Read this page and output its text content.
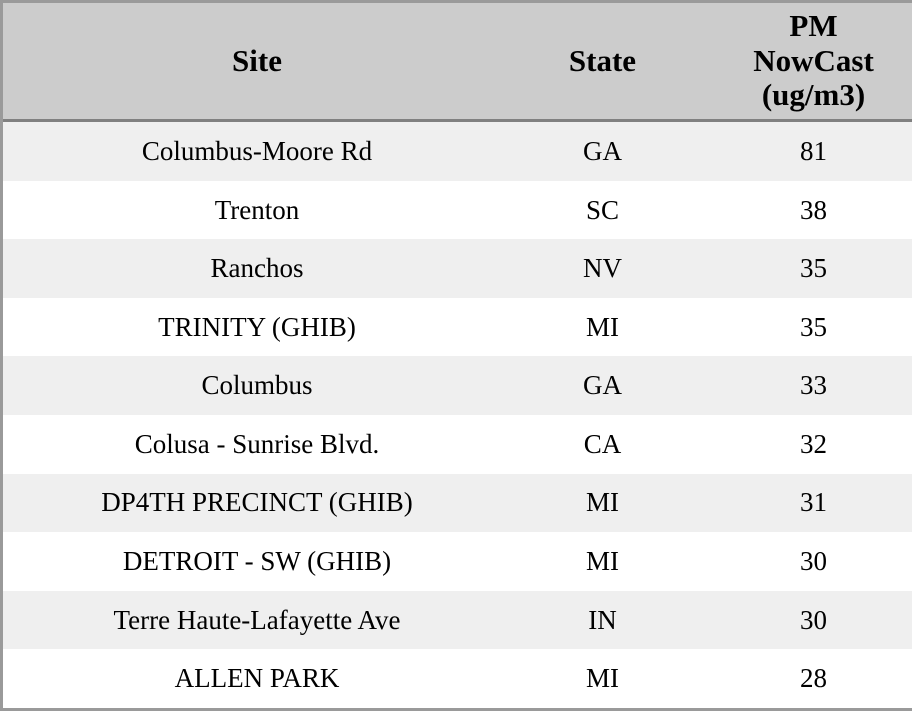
Site	State	PM
NowCast
(ug/m3)

Columbus-Moore Rd	GA	81
Trenton	SC	38
Ranchos	NV	35
TRINITY (GHIB)	MI	35
Columbus	GA	33
Colusa - Sunrise Blvd.	CA	32
DP4TH PRECINCT (GHIB)	MI	31
DETROIT - SW (GHIB)	MI	30
Terre Haute-Lafayette Ave	IN	30
ALLEN PARK	MI	28
